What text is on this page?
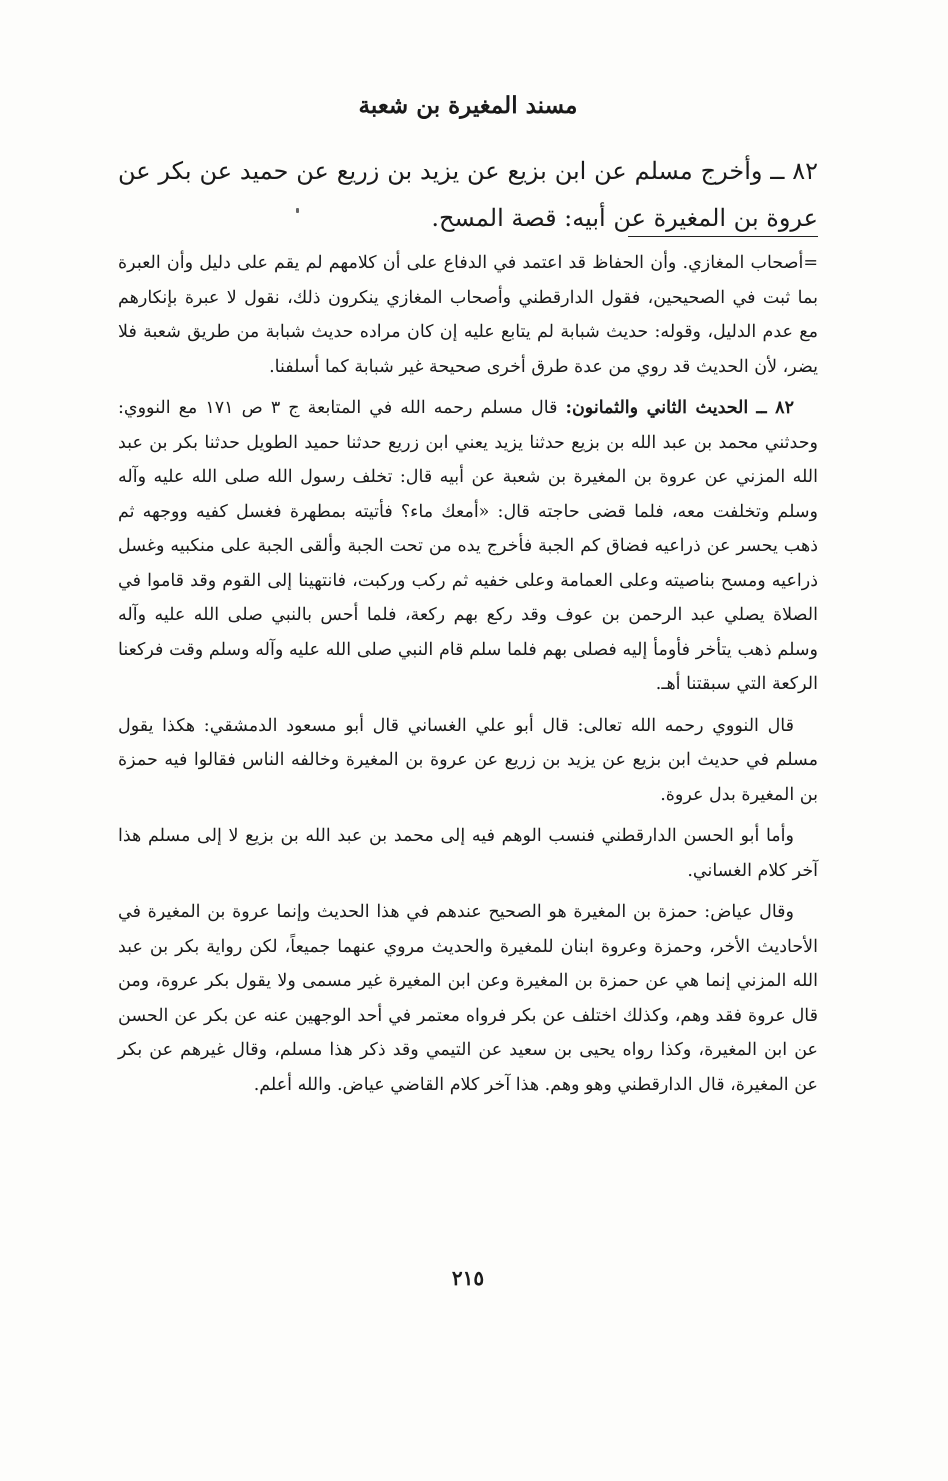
مسند المغيرة بن شعبة

٨٢ ــ وأخرج مسلم عن ابن بزيع عن يزيد بن زريع عن حميد عن بكر عن عروة بن المغيرة عن أبيه: قصة المسح.

=أصحاب المغازي. وأن الحفاظ قد اعتمد في الدفاع على أن كلامهم لم يقم على دليل وأن العبرة بما ثبت في الصحيحين، فقول الدارقطني وأصحاب المغازي ينكرون ذلك، نقول لا عبرة بإنكارهم مع عدم الدليل، وقوله: حديث شبابة لم يتابع عليه إن كان مراده حديث شبابة من طريق شعبة فلا يضر، لأن الحديث قد روي من عدة طرق أخرى صحيحة غير شبابة كما أسلفنا.

٨٢ ــ الحديث الثاني والثمانون: قال مسلم رحمه الله في المتابعة ج ٣ ص ١٧١ مع النووي: وحدثني محمد بن عبد الله بن بزيع حدثنا يزيد يعني ابن زريع حدثنا حميد الطويل حدثنا بكر بن عبد الله المزني عن عروة بن المغيرة بن شعبة عن أبيه قال: تخلف رسول الله صلى الله عليه وآله وسلم وتخلفت معه، فلما قضى حاجته قال: «أمعك ماء؟ فأتيته بمطهرة فغسل كفيه ووجهه ثم ذهب يحسر عن ذراعيه فضاق كم الجبة فأخرج يده من تحت الجبة وألقى الجبة على منكبيه وغسل ذراعيه ومسح بناصيته وعلى العمامة وعلى خفيه ثم ركب وركبت، فانتهينا إلى القوم وقد قاموا في الصلاة يصلي عبد الرحمن بن عوف وقد ركع بهم ركعة، فلما أحس بالنبي صلى الله عليه وآله وسلم ذهب يتأخر فأومأ إليه فصلى بهم فلما سلم قام النبي صلى الله عليه وآله وسلم وقت فركعنا الركعة التي سبقتنا أهـ.

قال النووي رحمه الله تعالى: قال أبو علي الغساني قال أبو مسعود الدمشقي: هكذا يقول مسلم في حديث ابن بزيع عن يزيد بن زريع عن عروة بن المغيرة وخالفه الناس فقالوا فيه حمزة بن المغيرة بدل عروة.

وأما أبو الحسن الدارقطني فنسب الوهم فيه إلى محمد بن عبد الله بن بزيع لا إلى مسلم هذا آخر كلام الغساني.

وقال عياض: حمزة بن المغيرة هو الصحيح عندهم في هذا الحديث وإنما عروة بن المغيرة في الأحاديث الأخر، وحمزة وعروة ابنان للمغيرة والحديث مروي عنهما جميعاً، لكن رواية بكر بن عبد الله المزني إنما هي عن حمزة بن المغيرة وعن ابن المغيرة غير مسمى ولا يقول بكر عروة، ومن قال عروة فقد وهم، وكذلك اختلف عن بكر فرواه معتمر في أحد الوجهين عنه عن بكر عن الحسن عن ابن المغيرة، وكذا رواه يحيى بن سعيد عن التيمي وقد ذكر هذا مسلم، وقال غيرهم عن بكر عن المغيرة، قال الدارقطني وهو وهم. هذا آخر كلام القاضي عياض. والله أعلم.

٢١٥
